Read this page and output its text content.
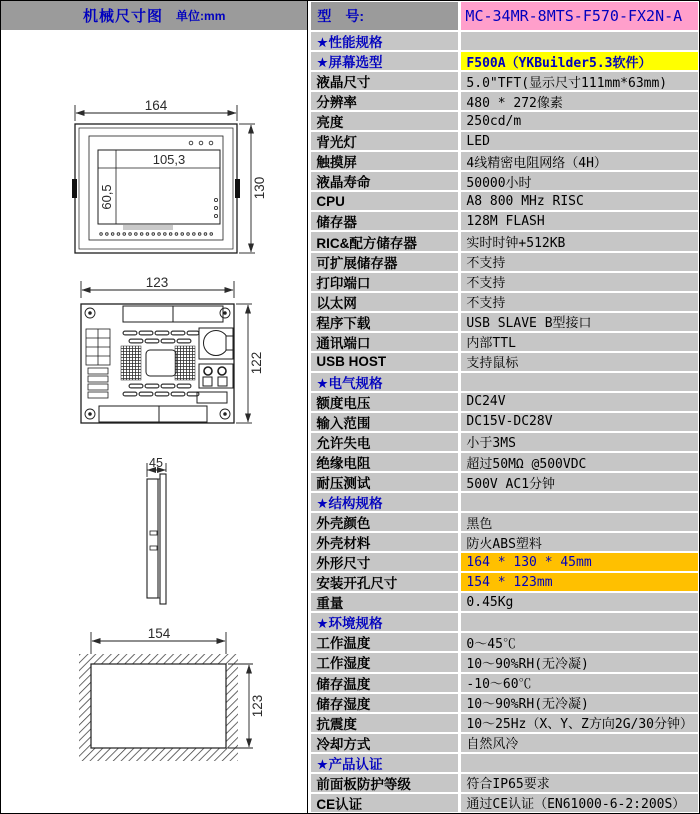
机械尺寸图 单位:mm
164
105,3
60,5	130
123
122
45
154
123
型　号:	MC-34MR-8MTS-F570-FX2N-A
★性能规格
★屏幕选型	F500A（YKBuilder5.3软件）
液晶尺寸	5.0"TFT(显示尺寸111mm*63mm)
分辨率	480 * 272像素
亮度	250cd/m
背光灯	LED
触摸屏	4线精密电阻网络（4H）
液晶寿命	50000小时
CPU	A8 800 MHz RISC
储存器	128M FLASH
RIC&配方储存器	实时时钟+512KB
可扩展储存器	不支持
打印端口	不支持
以太网	不支持
程序下载	USB SLAVE B型接口
通讯端口	内部TTL
USB HOST	支持鼠标
★电气规格
额度电压	DC24V
输入范围	DC15V-DC28V
允许失电	小于3MS
绝缘电阻	超过50MΩ @500VDC
耐压测试	500V AC1分钟
★结构规格
外壳颜色	黑色
外壳材料	防火ABS塑料
外形尺寸	164 * 130 * 45mm
安装开孔尺寸	154 * 123mm
重量	0.45Kg
★环境规格
工作温度	0～45℃
工作湿度	10～90%RH(无冷凝)
储存温度	-10～60℃
储存湿度	10～90%RH(无冷凝)
抗震度	10～25Hz（X、Y、Z方向2G/30分钟）
冷却方式	自然风冷
★产品认证
前面板防护等级	符合IP65要求
CE认证	通过CE认证（EN61000-6-2:200S）
